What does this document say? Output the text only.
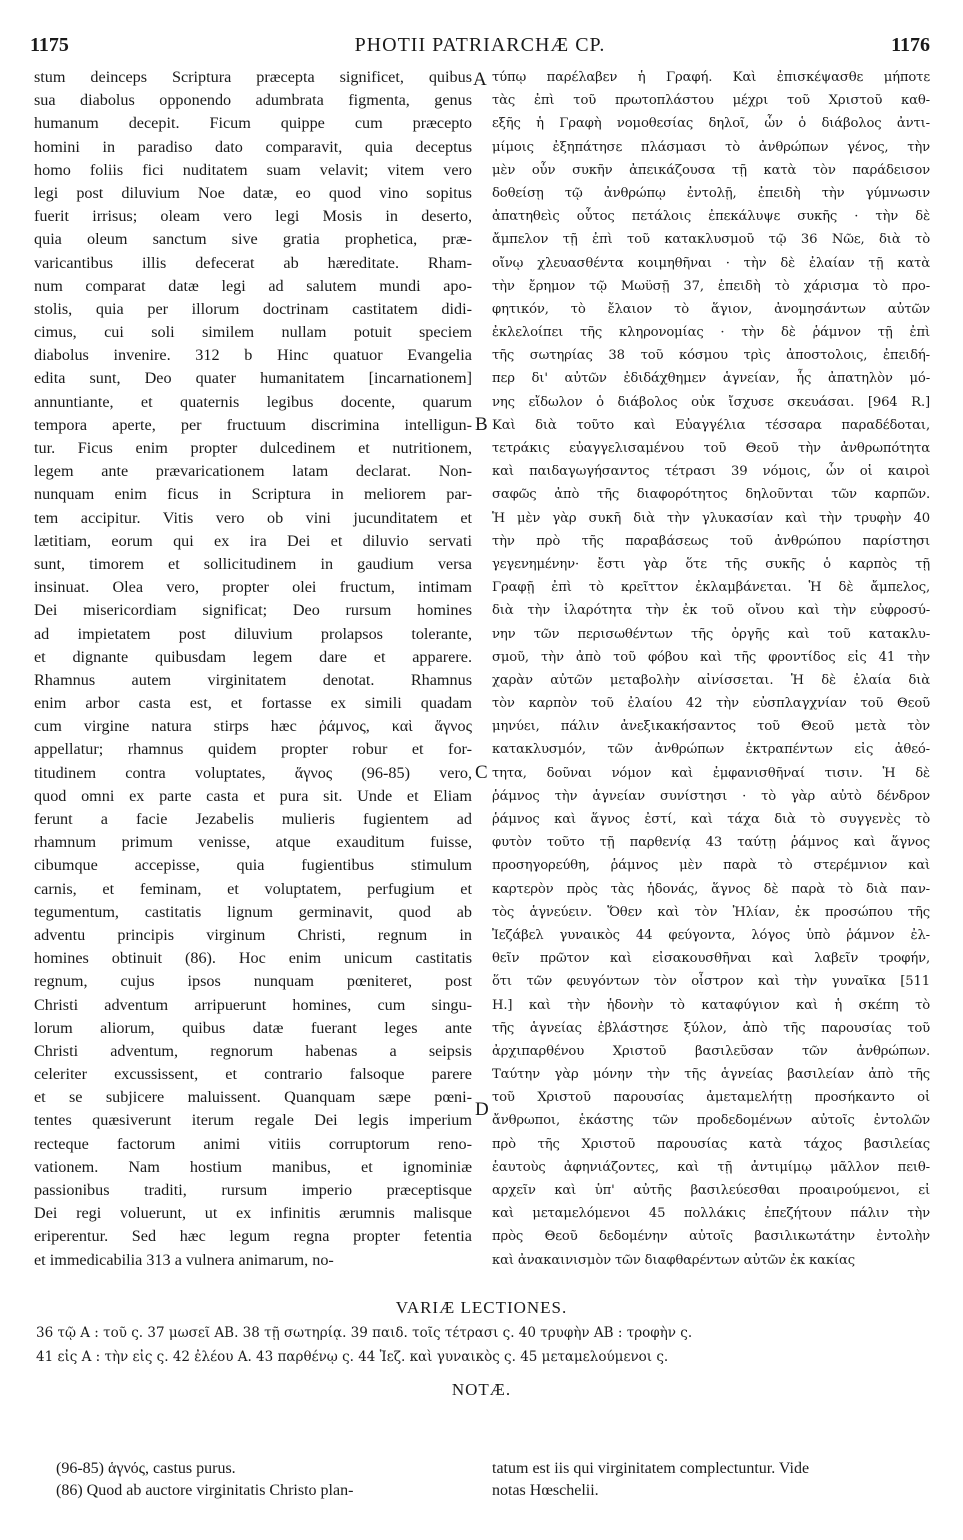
1175	PHOTII PATRIARCHÆ CP.	1176
stum deinceps Scriptura præcepta significet, quibus
sua diabolus opponendo adumbrata figmenta, genus
humanum decepit. Ficum quippe cum præcepto
homini in paradiso dato comparavit, quia deceptus
homo foliis fici nuditatem suam velavit; vitem vero
legi post diluvium Noe datæ, eo quod vino sopitus
fuerit irrisus; oleam vero legi Mosis in deserto,
quia oleum sanctum sive gratia prophetica, præ-
varicantibus illis defecerat ab hæreditate. Rham-
num comparat datæ legi ad salutem mundi apo-
stolis, quia per illorum doctrinam castitatem didi-
cimus, cui soli similem nullam potuit speciem
diabolus invenire. 312 b Hinc quatuor Evangelia
edita sunt, Deo quater humanitatem [incarnationem]
annuntiante, et quaternis legibus docente, quarum
tempora aperte, per fructuum discrimina intelligun-
tur. Ficus enim propter dulcedinem et nutritionem,
legem ante prævaricationem latam declarat. Non-
nunquam enim ficus in Scriptura in meliorem par-
tem accipitur. Vitis vero ob vini jucunditatem et
lætitiam, eorum qui ex ira Dei et diluvio servati
sunt, timorem et sollicitudinem in gaudium versa
insinuat. Olea vero, propter olei fructum, intimam
Dei misericordiam significat; Deo rursum homines
ad impietatem post diluvium prolapsos tolerante,
et dignante quibusdam legem dare et apparere.
Rhamnus autem virginitatem denotat. Rhamnus
enim arbor casta est, et fortasse ex simili quadam
cum virgine natura stirps hæc ῥάμνος, καὶ ἅγνος
appellatur; rhamnus quidem propter robur et for-
titudinem contra voluptates, ἅγνος (96-85) vero,
quod omni ex parte casta et pura sit. Unde et Eliam
ferunt a facie Jezabelis mulieris fugientem ad
rhamnum primum venisse, atque exauditum fuisse,
cibumque accepisse, quia fugientibus stimulum
carnis, et feminam, et voluptatem, perfugium et
tegumentum, castitatis lignum germinavit, quod ab
adventu principis virginum Christi, regnum in
homines obtinuit (86). Hoc enim unicum castitatis
regnum, cujus ipsos nunquam pœniteret, post
Christi adventum arripuerunt homines, cum singu-
lorum aliorum, quibus datæ fuerant leges ante
Christi adventum, regnorum habenas a seipsis
celeriter excussissent, et contrario falsoque parere
et se subjicere maluissent. Quanquam sæpe pœni-
tentes quæsiverunt iterum regale Dei legis imperium
recteque factorum animi vitiis corruptorum reno-
vationem. Nam hostium manibus, et ignominiæ
passionibus traditi, rursum imperio præceptisque
Dei regi voluerunt, ut ex infinitis ærumnis malisque
eriperentur. Sed hæc legum regna propter fetentia
et immedicabilia 313 a vulnera animarum, no-
τύπῳ παρέλαβεν ἡ Γραφή. Καὶ ἐπισκέψασθε μήποτε
τὰς ἐπὶ τοῦ πρωτοπλάστου μέχρι τοῦ Χριστοῦ καθ-
εξῆς ἡ Γραφὴ νομοθεσίας δηλοῖ, ὧν ὁ διάβολος ἀντι-
μίμοις ἐξηπάτησε πλάσμασι τὸ ἀνθρώπων γένος, τὴν
μὲν οὖν συκῆν ἀπεικάζουσα τῇ κατὰ τὸν παράδεισον
δοθείσῃ τῷ ἀνθρώπῳ ἐντολῇ, ἐπειδὴ τὴν γύμνωσιν
ἀπατηθεὶς οὗτος πετάλοις ἐπεκάλυψε συκῆς · τὴν δὲ
ἄμπελον τῇ ἐπὶ τοῦ κατακλυσμοῦ τῷ 36 Νῶε, διὰ τὸ
οἴνῳ χλευασθέντα κοιμηθῆναι · τὴν δὲ ἐλαίαν τῇ κατὰ
τὴν ἔρημον τῷ Μωϋσῇ 37, ἐπειδὴ τὸ χάρισμα τὸ προ-
φητικόν, τὸ ἔλαιον τὸ ἅγιον, ἀνομησάντων αὐτῶν
ἐκλελοίπει τῆς κληρονομίας · τὴν δὲ ῥάμνον τῇ ἐπὶ
τῆς σωτηρίας 38 τοῦ κόσμου τρὶς ἀποστολοις, ἐπειδή-
περ δι' αὐτῶν ἐδιδάχθημεν ἁγνείαν, ἧς ἀπατηλὸν μό-
νης εἴδωλον ὁ διάβολος οὐκ ἴσχυσε σκευάσαι. [964 R.]
Καὶ διὰ τοῦτο καὶ Εὐαγγέλια τέσσαρα παραδέδοται,
τετράκις εὐαγγελισαμένου τοῦ Θεοῦ τὴν ἀνθρωπότητα
καὶ παιδαγωγήσαντος τέτρασι 39 νόμοις, ὧν οἱ καιροὶ
σαφῶς ἀπὸ τῆς διαφορότητος δηλοῦνται τῶν καρπῶν.
Ἡ μὲν γὰρ συκῆ διὰ τὴν γλυκασίαν καὶ τὴν τρυφὴν 40
τὴν πρὸ τῆς παραβάσεως τοῦ ἀνθρώπου παρίστησι
γεγενημένην· ἔστι γὰρ ὅτε τῆς συκῆς ὁ καρπὸς τῇ
Γραφῇ ἐπὶ τὸ κρεῖττον ἐκλαμβάνεται. Ἡ δὲ ἄμπελος,
διὰ τὴν ἱλαρότητα τὴν ἐκ τοῦ οἴνου καὶ τὴν εὐφροσύ-
νην τῶν περισωθέντων τῆς ὀργῆς καὶ τοῦ κατακλυ-
σμοῦ, τὴν ἀπὸ τοῦ φόβου καὶ τῆς φροντίδος εἰς 41 τὴν
χαρὰν αὐτῶν μεταβολὴν αἰνίσσεται. Ἡ δὲ ἐλαία διὰ
τὸν καρπὸν τοῦ ἐλαίου 42 τὴν εὐσπλαγχνίαν τοῦ Θεοῦ
μηνύει, πάλιν ἀνεξικακήσαντος τοῦ Θεοῦ μετὰ τὸν
κατακλυσμόν, τῶν ἀνθρώπων ἐκτραπέντων εἰς ἀθεό-
τητα, δοῦναι νόμον καὶ ἐμφανισθῆναί τισιν. Ἡ δὲ
ῥάμνος τὴν ἁγνείαν συνίστησι · τὸ γὰρ αὐτὸ δένδρον
ῥάμνος καὶ ἅγνος ἐστί, καὶ τάχα διὰ τὸ συγγενὲς τὸ
φυτὸν τοῦτο τῇ παρθενίᾳ 43 ταύτῃ ῥάμνος καὶ ἅγνος
προσηγορεύθη, ῥάμνος μὲν παρὰ τὸ στερέμνιον καὶ
καρτερὸν πρὸς τὰς ἡδονάς, ἅγνος δὲ παρὰ τὸ διὰ παν-
τὸς ἁγνεύειν. Ὅθεν καὶ τὸν Ἠλίαν, ἐκ προσώπου τῆς
Ἰεζάβελ γυναικὸς 44 φεύγοντα, λόγος ὑπὸ ῥάμνον ἐλ-
θεῖν πρῶτον καὶ εἰσακουσθῆναι καὶ λαβεῖν τροφήν,
ὅτι τῶν φευγόντων τὸν οἶστρον καὶ τὴν γυναῖκα [511
H.] καὶ τὴν ἡδονὴν τὸ καταφύγιον καὶ ἡ σκέπη τὸ
τῆς ἁγνείας ἐβλάστησε ξύλον, ἀπὸ τῆς παρουσίας τοῦ
ἀρχιπαρθένου Χριστοῦ βασιλεῦσαν τῶν ἀνθρώπων.
Ταύτην γὰρ μόνην τὴν τῆς ἁγνείας βασιλείαν ἀπὸ τῆς
τοῦ Χριστοῦ παρουσίας ἀμεταμελήτῃ προσήκαντο οἱ
ἄνθρωποι, ἑκάστης τῶν προδεδομένων αὐτοῖς ἐντολῶν
πρὸ τῆς Χριστοῦ παρουσίας κατὰ τάχος βασιλείας
ἑαυτοὺς ἀφηνιάζοντες, καὶ τῇ ἀντιμίμῳ μᾶλλον πειθ-
αρχεῖν καὶ ὑπ' αὐτῆς βασιλεύεσθαι προαιρούμενοι, εἰ
καὶ μεταμελόμενοι 45 πολλάκις ἐπεζήτουν πάλιν τὴν
πρὸς Θεοῦ δεδομένην αὐτοῖς βασιλικωτάτην ἐντολὴν
καὶ ἀνακαινισμὸν τῶν διαφθαρέντων αὐτῶν ἐκ κακίας
A
B
C
D
VARIÆ LECTIONES.
36 τῷ A : τοῦ ς. 37 μωσεῖ AB. 38 τῇ σωτηρίᾳ. 39 παιδ. τοῖς τέτρασι ς. 40 τρυφὴν AB : τροφὴν ς.
41 εἰς A : τὴν εἰς ς. 42 ἐλέου A. 43 παρθένῳ ς. 44 Ἰεζ. καὶ γυναικὸς ς. 45 μεταμελούμενοι ς.
NOTÆ.
(96-85) ἁγνός, castus purus.
(86) Quod ab auctore virginitatis Christo plan-
tatum est iis qui virginitatem complectuntur. Vide
notas Hœschelii.
